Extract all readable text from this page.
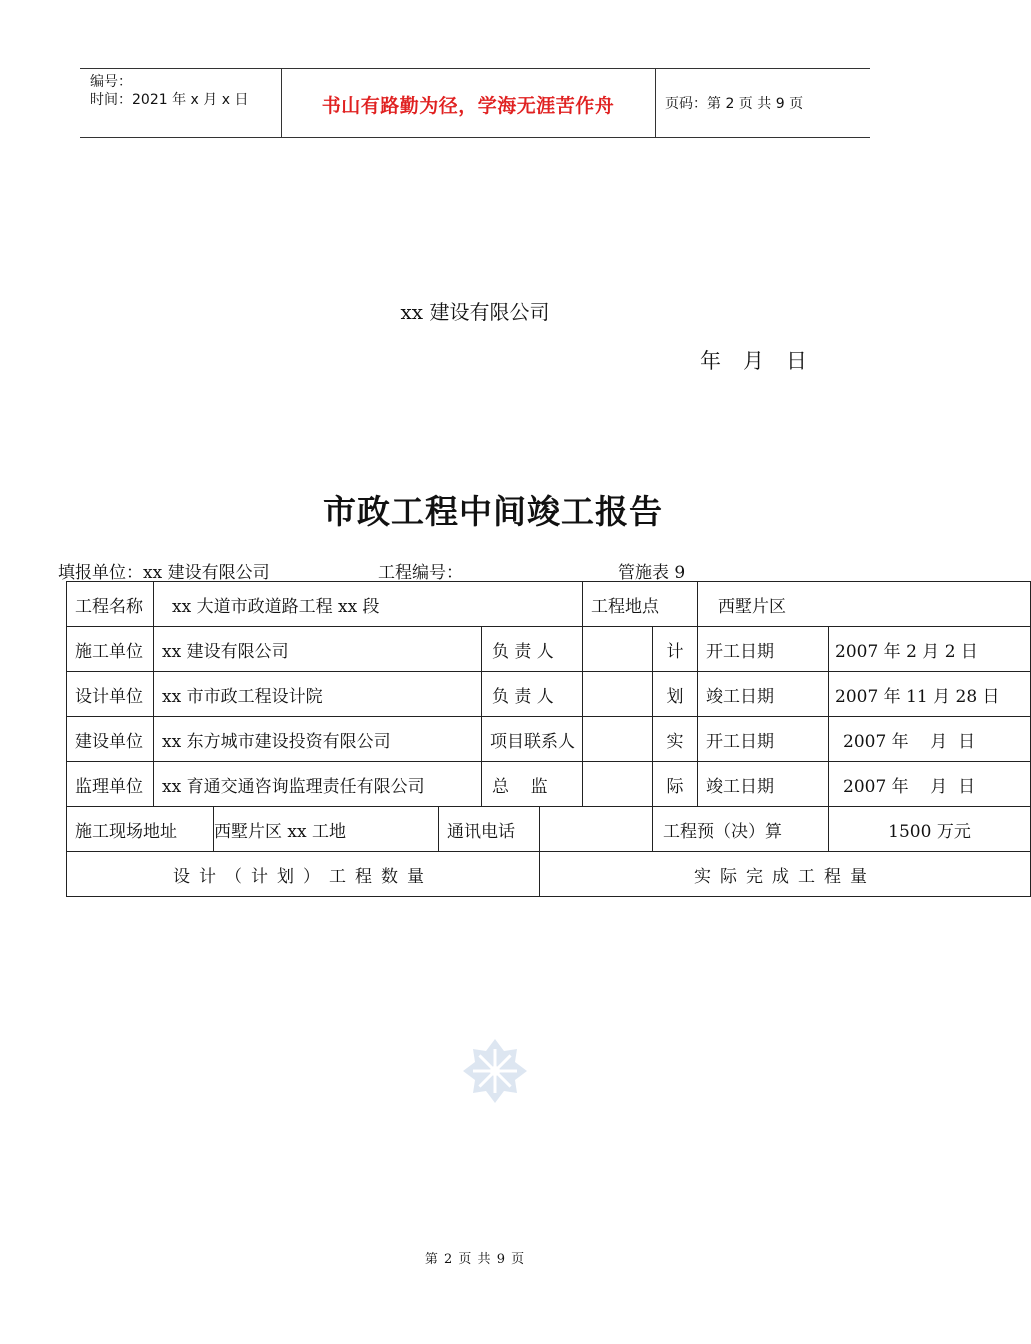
编号：
时间：2021 年 x 月 x 日	书山有路勤为径，学海无涯苦作舟	页码：第 2 页 共 9 页
xx 建设有限公司
年 月 日
市政工程中间竣工报告
填报单位：xx 建设有限公司	工程编号：	管施表 9
工程名称	xx 大道市政道路工程 xx 段					工程地点		西墅片区	
施工单位	xx 建设有限公司			负 责 人			计	开工日期	2007 年 2 月 2 日
设计单位	xx 市市政工程设计院			负 责 人			划	竣工日期	2007 年 11 月 28 日
建设单位	xx 东方城市建设投资有限公司			项目联系人			实	开工日期	2007 年    月  日
监理单位	xx 育通交通咨询监理责任有限公司			总    监			际	竣工日期	2007 年    月  日
施工现场地址		西墅片区 xx 工地	通讯电话				工程预（决）算		1500 万元
设计（计划）工程数量					实际完成工程量				
第 2 页 共 9 页
